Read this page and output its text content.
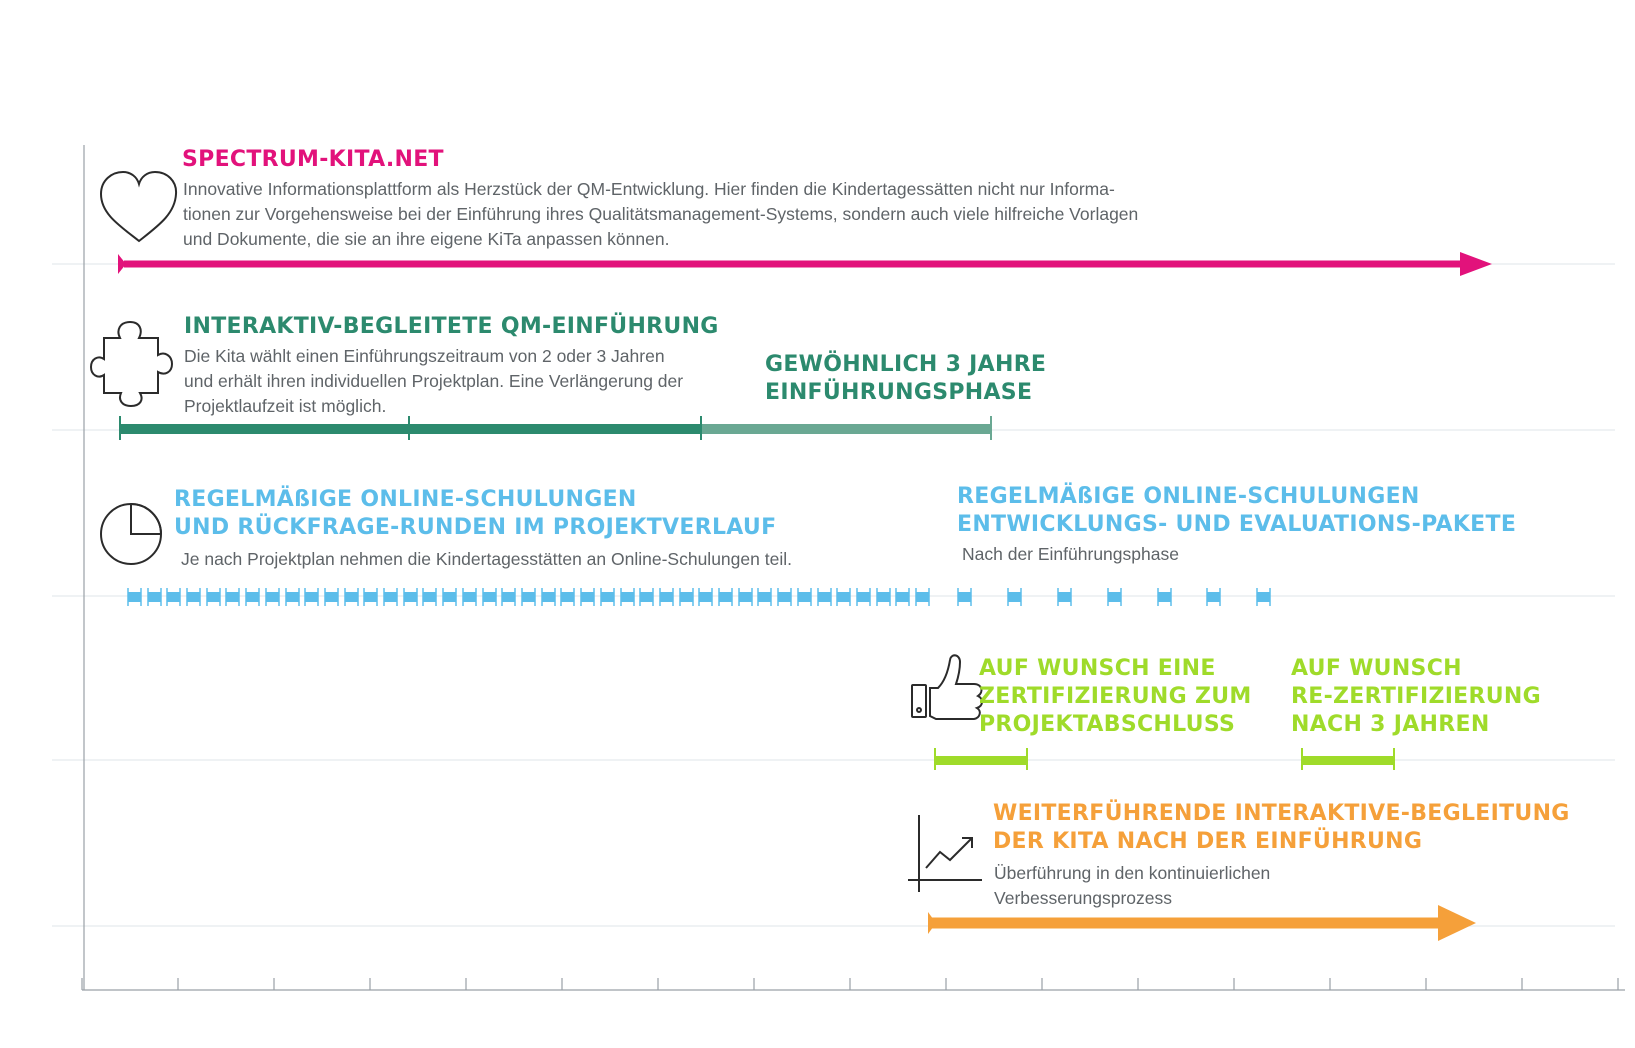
SPECTRUM-KITA.NET
Innovative Informationsplattform als Herzstück der QM-Entwicklung. Hier finden die Kindertagessätten nicht nur Informa-
tionen zur Vorgehensweise bei der Einführung ihres Qualitätsmanagement-Systems, sondern auch viele hilfreiche Vorlagen
und Dokumente, die sie an ihre eigene KiTa anpassen können.
INTERAKTIV-BEGLEITETE QM-EINFÜHRUNG
Die Kita wählt einen Einführungszeitraum von 2 oder 3 Jahren
und erhält ihren individuellen Projektplan. Eine Verlängerung der
Projektlaufzeit ist möglich.
GEWÖHNLICH 3 JAHRE
EINFÜHRUNGSPHASE
REGELMÄßIGE ONLINE-SCHULUNGEN
UND RÜCKFRAGE-RUNDEN IM PROJEKTVERLAUF
Je nach Projektplan nehmen die Kindertagesstätten an Online-Schulungen teil.
REGELMÄßIGE ONLINE-SCHULUNGEN
ENTWICKLUNGS- UND EVALUATIONS-PAKETE
Nach der Einführungsphase
AUF WUNSCH EINE
ZERTIFIZIERUNG ZUM
PROJEKTABSCHLUSS
AUF WUNSCH
RE-ZERTIFIZIERUNG
NACH 3 JAHREN
WEITERFÜHRENDE INTERAKTIVE-BEGLEITUNG
DER KITA NACH DER EINFÜHRUNG
Überführung in den kontinuierlichen
Verbesserungsprozess
